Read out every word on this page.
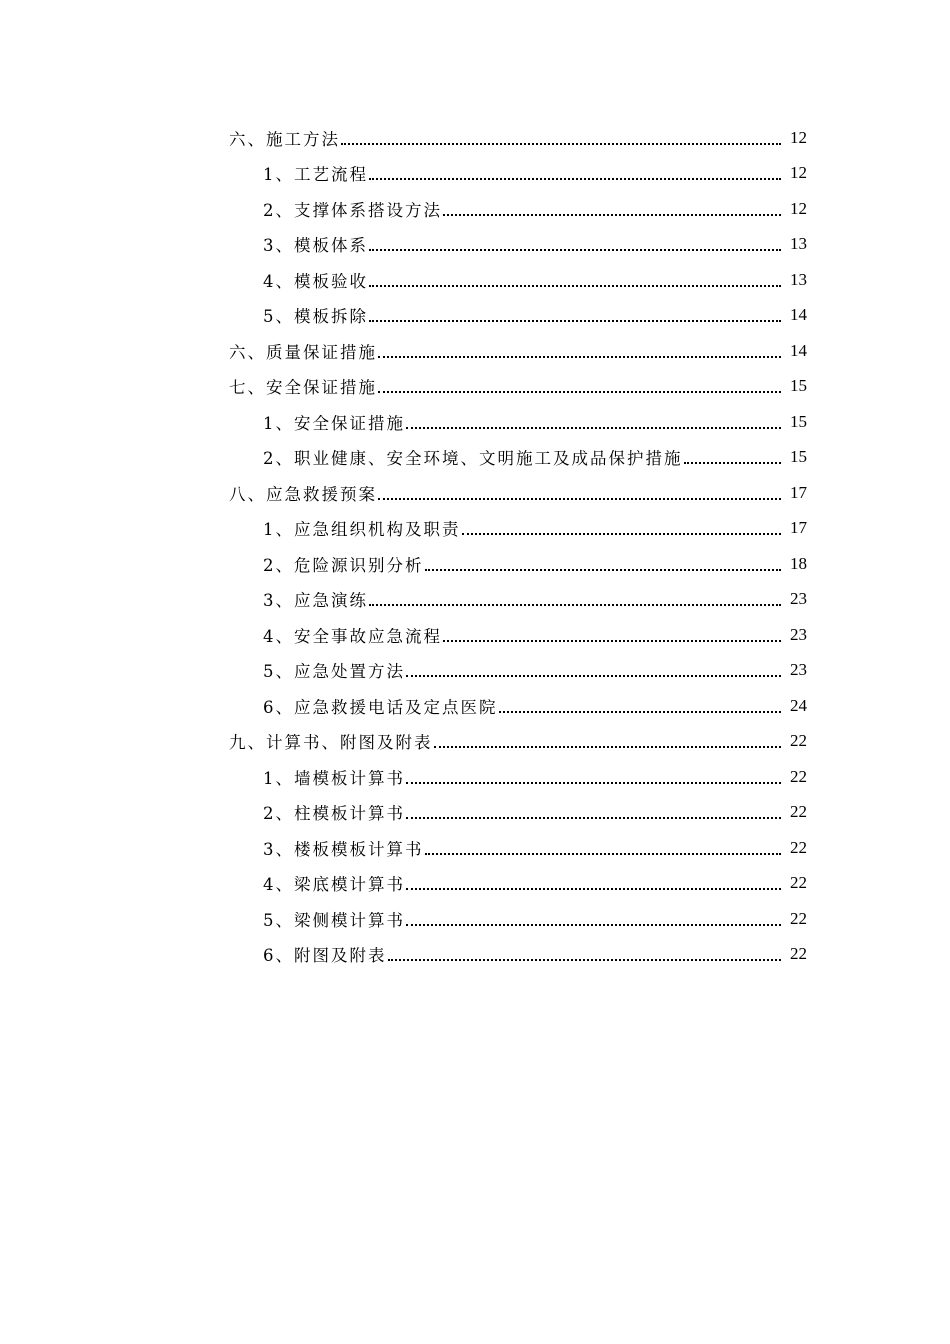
六、施工方法	12
1、工艺流程	12
2、支撑体系搭设方法	12
3、模板体系	13
4、模板验收	13
5、模板拆除	14
六、质量保证措施	14
七、安全保证措施	15
1、安全保证措施	15
2、职业健康、安全环境、文明施工及成品保护措施	15
八、应急救援预案	17
1、应急组织机构及职责	17
2、危险源识别分析	18
3、应急演练	23
4、安全事故应急流程	23
5、应急处置方法	23
6、应急救援电话及定点医院	24
九、计算书、附图及附表	22
1、墙模板计算书	22
2、柱模板计算书	22
3、楼板模板计算书	22
4、梁底模计算书	22
5、梁侧模计算书	22
6、附图及附表	22
